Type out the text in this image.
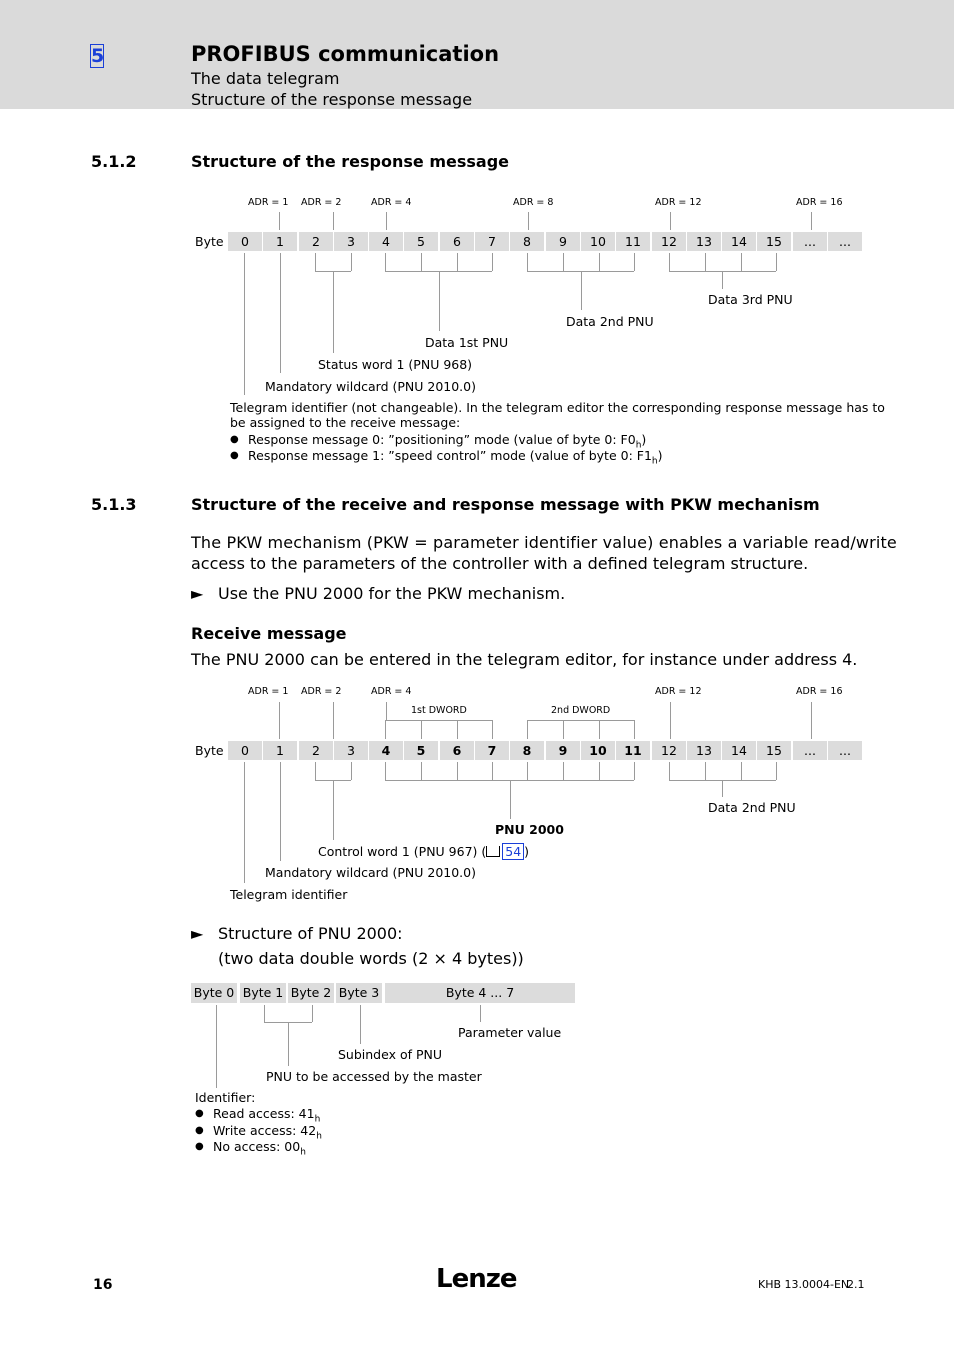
5	PROFIBUS communication
The data telegram
Structure of the response message
5.1.2	Structure of the response message
ADR = 1 ADR = 2	ADR = 4	ADR = 8	ADR = 12	ADR = 16
Byte	0	1	2	3	4	5	6	7	8	9	10	11	12	13	14	15	...	...
Data 3rd PNU
Data 2nd PNU
Data 1st PNU
Status word 1 (PNU 968)
Mandatory wildcard (PNU 2010.0)
Telegram identifier (not changeable). In the telegram editor the corresponding response message has to
be assigned to the receive message:
● Response message 0: ”positioning” mode (value of byte 0: $F0_h$)
● Response message 1: ”speed control” mode (value of byte 0: $F1_h$)
5.1.3	Structure of the receive and response message with PKW mechanism
The PKW mechanism (PKW = parameter identifier value) enables a variable read/write
access to the parameters of the controller with a defined telegram structure.
► Use the PNU 2000 for the PKW mechanism.
Receive message
The PNU 2000 can be entered in the telegram editor, for instance under address 4.
ADR = 1 ADR = 2	ADR = 4	ADR = 12	ADR = 16
1st DWORD	2nd DWORD
Byte	0	1	2	3	4	5	6	7	8	9	10	11	12	13	14	15	...	...
Data 2nd PNU
PNU 2000
Control word 1 (PNU 967) ( 54 )
Mandatory wildcard (PNU 2010.0)
Telegram identifier
► Structure of PNU 2000:
(two data double words (2 × 4 bytes))
Byte 0 Byte 1 Byte 2 Byte 3	Byte 4 ... 7
Parameter value
Subindex of PNU
PNU to be accessed by the master
Identifier:
● Read access: $41_h$
● Write access: $42_h$
● No access: $00_h$
16	Lenze	KHB 13.0004-EN
2.1
